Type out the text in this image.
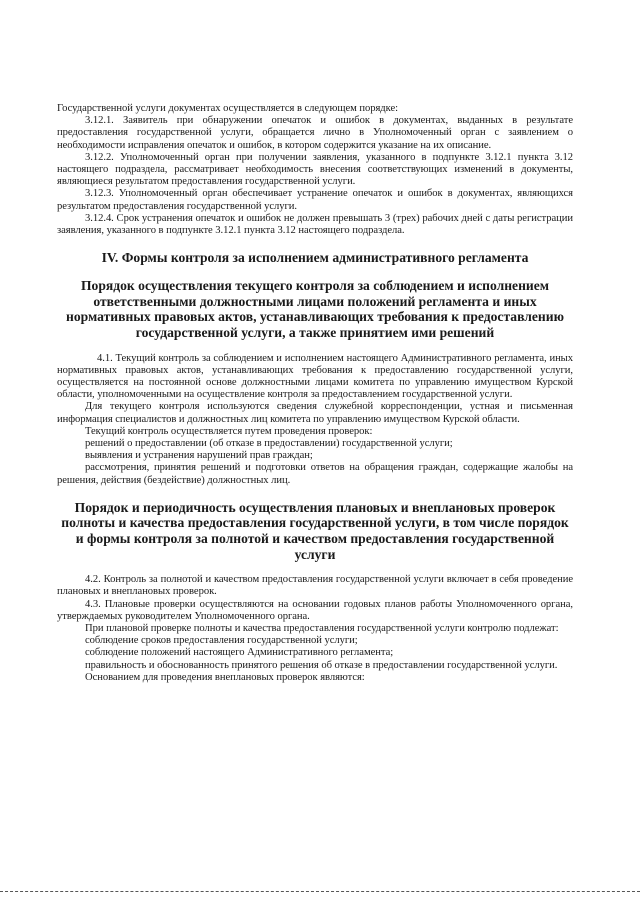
Государственной услуги документах осуществляется в следующем порядке:

3.12.1. Заявитель при обнаружении опечаток и ошибок в документах, выданных в результате предоставления государственной услуги, обращается лично в Уполномоченный орган с заявлением о необходимости исправления опечаток и ошибок, в котором содержится указание на их описание.

3.12.2. Уполномоченный орган при получении заявления, указанного в подпункте 3.12.1 пункта 3.12 настоящего подраздела, рассматривает необходимость внесения соответствующих изменений в документы, являющиеся результатом предоставления государственной услуги.

3.12.3. Уполномоченный орган обеспечивает устранение опечаток и ошибок в документах, являющихся результатом предоставления государственной услуги.

3.12.4. Срок устранения опечаток и ошибок не должен превышать 3 (трех) рабочих дней с даты регистрации заявления, указанного в подпункте 3.12.1 пункта 3.12 настоящего подраздела.

IV. Формы контроля за исполнением административного регламента
Порядок осуществления текущего контроля за соблюдением и исполнением ответственными должностными лицами положений регламента и иных нормативных правовых актов, устанавливающих требования к предоставлению государственной услуги, а также принятием ими решений

4.1. Текущий контроль за соблюдением и исполнением настоящего Административного регламента, иных нормативных правовых актов, устанавливающих требования к предоставлению государственной услуги, осуществляется на постоянной основе должностными лицами комитета по управлению имуществом Курской области, уполномоченными на осуществление контроля за предоставлением государственной услуги.

Для текущего контроля используются сведения служебной корреспонденции, устная и письменная информация специалистов и должностных лиц комитета по управлению имуществом Курской области.

Текущий контроль осуществляется путем проведения проверок:

решений о предоставлении (об отказе в предоставлении) государственной услуги;

выявления и устранения нарушений прав граждан;

рассмотрения, принятия решений и подготовки ответов на обращения граждан, содержащие жалобы на решения, действия (бездействие) должностных лиц.

Порядок и периодичность осуществления плановых и внеплановых проверок полноты и качества предоставления государственной услуги, в том числе порядок и формы контроля за полнотой и качеством предоставления государственной услуги

4.2. Контроль за полнотой и качеством предоставления государственной услуги включает в себя проведение плановых и внеплановых проверок.

4.3. Плановые проверки осуществляются на основании годовых планов работы Уполномоченного органа, утверждаемых руководителем Уполномоченного органа.

При плановой проверке полноты и качества предоставления государственной услуги контролю подлежат:

соблюдение сроков предоставления государственной услуги;

соблюдение положений настоящего Административного регламента;

правильность и обоснованность принятого решения об отказе в предоставлении государственной услуги.

Основанием для проведения внеплановых проверок являются:
